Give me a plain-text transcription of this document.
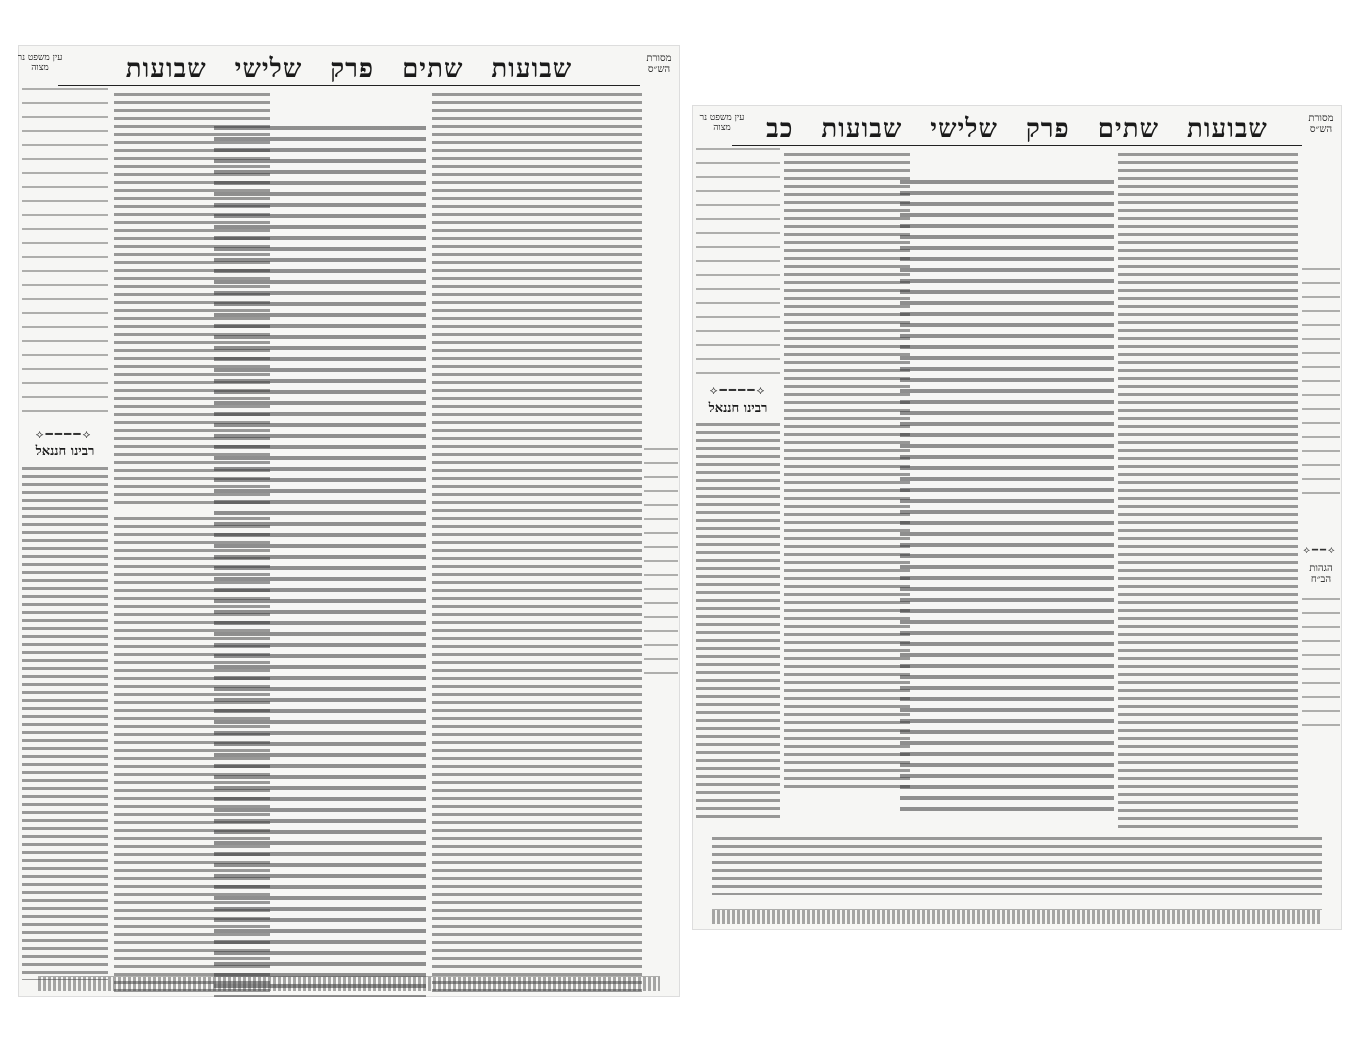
מסורת הש״ס
עין משפט נר מצוה	שבועות
שתים
פרק
שלישי
שבועות
⟡━━━━⟡
רבינו חננאל
מסורת הש״ס
עין משפט נר מצוה	שבועות
שתים
פרק
שלישי
שבועות
כב
⟡━━⟡
הגהות הב״ח
⟡━━━━⟡
רבינו חננאל
